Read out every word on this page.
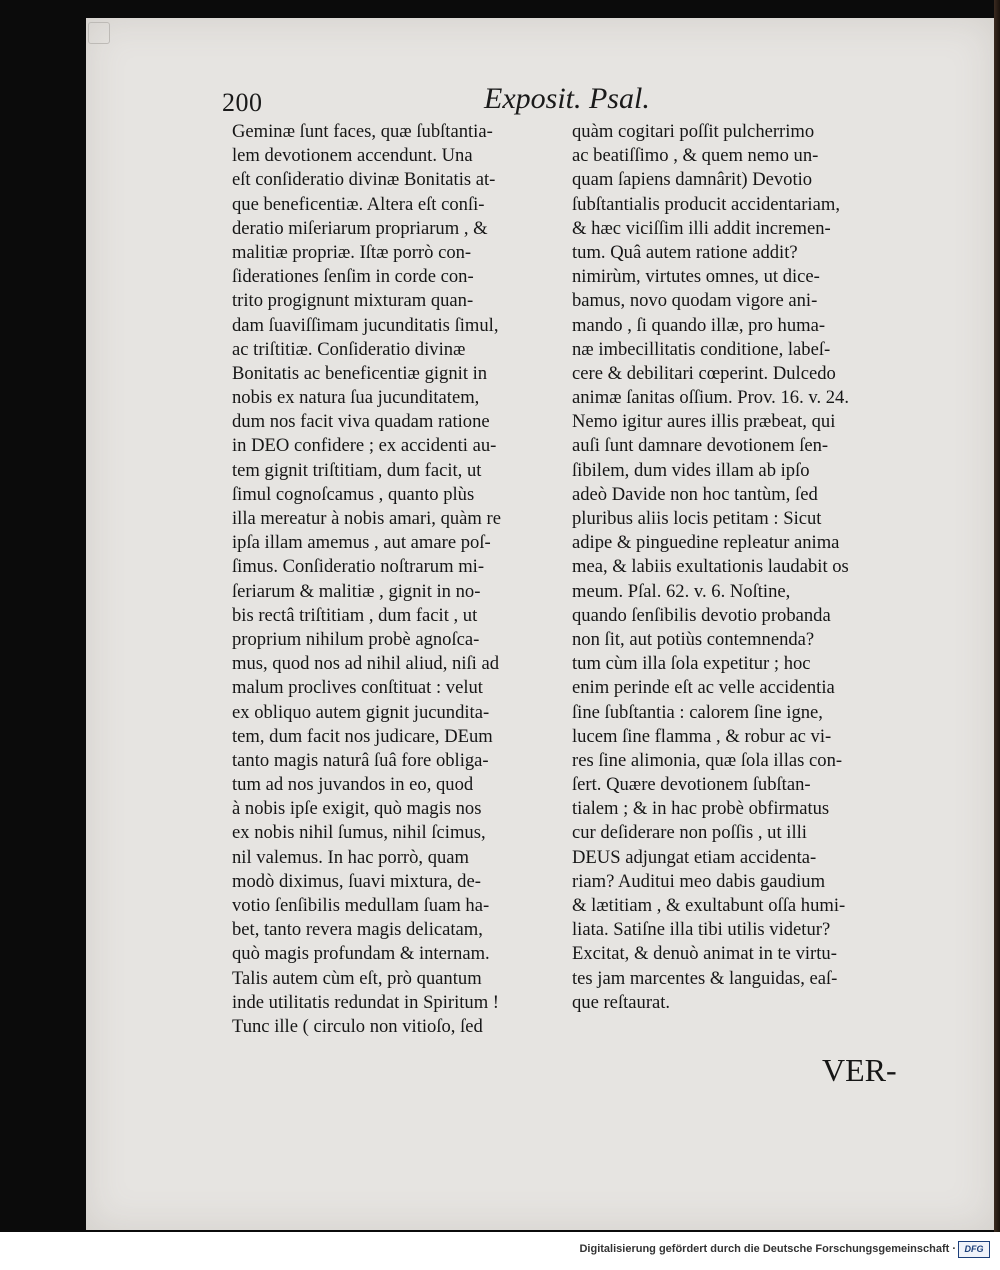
200	Exposit. Psal.
Geminæ ſunt faces, quæ ſubſtantia-
lem devotionem accendunt. Una
eſt conſideratio divinæ Bonitatis at-
que beneficentiæ. Altera eſt conſi-
deratio miſeriarum propriarum , &
malitiæ propriæ. Iſtæ porrò con-
ſiderationes ſenſim in corde con-
trito progignunt mixturam quan-
dam ſuaviſſimam jucunditatis ſimul,
ac triſtitiæ. Conſideratio divinæ
Bonitatis ac beneficentiæ gignit in
nobis ex natura ſua jucunditatem,
dum nos facit viva quadam ratione
in DEO confidere ; ex accidenti au-
tem gignit triſtitiam, dum facit, ut
ſimul cognoſcamus , quanto plùs
illa mereatur à nobis amari, quàm re
ipſa illam amemus , aut amare poſ-
ſimus. Conſideratio noſtrarum mi-
ſeriarum & malitiæ , gignit in no-
bis rectâ triſtitiam , dum facit , ut
proprium nihilum probè agnoſca-
mus, quod nos ad nihil aliud, niſi ad
malum proclives conſtituat : velut
ex obliquo autem gignit jucundita-
tem, dum facit nos judicare, DEum
tanto magis naturâ ſuâ fore obliga-
tum ad nos juvandos in eo, quod
à nobis ipſe exigit, quò magis nos
ex nobis nihil ſumus, nihil ſcimus,
nil valemus. In hac porrò, quam
modò diximus, ſuavi mixtura, de-
votio ſenſibilis medullam ſuam ha-
bet, tanto revera magis delicatam,
quò magis profundam & internam.
Talis autem cùm eſt, prò quantum
inde utilitatis redundat in Spiritum !
Tunc ille ( circulo non vitioſo, ſed
quàm cogitari poſſit pulcherrimo
ac beatiſſimo , & quem nemo un-
quam ſapiens damnârit) Devotio
ſubſtantialis producit accidentariam,
& hæc viciſſim illi addit incremen-
tum. Quâ autem ratione addit?
nimirùm, virtutes omnes, ut dice-
bamus, novo quodam vigore ani-
mando , ſi quando illæ, pro huma-
næ imbecillitatis conditione, labeſ-
cere & debilitari cœperint. Dulcedo
animæ ſanitas oſſium. Prov. 16. v. 24.
Nemo igitur aures illis præbeat, qui
auſi ſunt damnare devotionem ſen-
ſibilem, dum vides illam ab ipſo
adeò Davide non hoc tantùm, ſed
pluribus aliis locis petitam : Sicut
adipe & pinguedine repleatur anima
mea, & labiis exultationis laudabit os
meum. Pſal. 62. v. 6. Noſtine,
quando ſenſibilis devotio probanda
non ſit, aut potiùs contemnenda?
tum cùm illa ſola expetitur ; hoc
enim perinde eſt ac velle accidentia
ſine ſubſtantia : calorem ſine igne,
lucem ſine flamma , & robur ac vi-
res ſine alimonia, quæ ſola illas con-
ſert. Quære devotionem ſubſtan-
tialem ; & in hac probè obfirmatus
cur deſiderare non poſſis , ut illi
DEUS adjungat etiam accidenta-
riam? Auditui meo dabis gaudium
& lætitiam , & exultabunt oſſa humi-
liata. Satiſne illa tibi utilis videtur?
Excitat, & denuò animat in te virtu-
tes jam marcentes & languidas, eaſ-
que reſtaurat.
VER-
Digitalisierung gefördert durch die Deutsche Forschungsgemeinschaft · DFG
